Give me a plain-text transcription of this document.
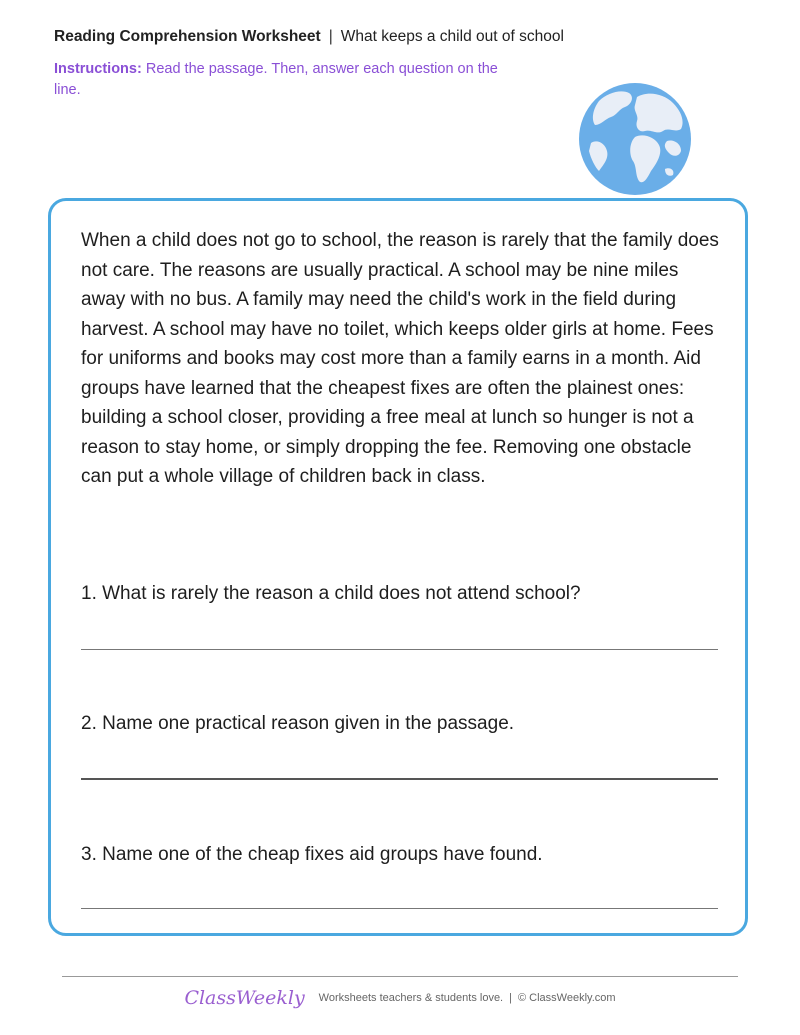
Reading Comprehension Worksheet | What keeps a child out of school
Instructions: Read the passage. Then, answer each question on the line.

When a child does not go to school, the reason is rarely that the family does not care. The reasons are usually practical. A school may be nine miles away with no bus. A family may need the child's work in the field during harvest. A school may have no toilet, which keeps older girls at home. Fees for uniforms and books may cost more than a family earns in a month. Aid groups have learned that the cheapest fixes are often the plainest ones: building a school closer, providing a free meal at lunch so hunger is not a reason to stay home, or simply dropping the fee. Removing one obstacle can put a whole village of children back in class.

1. What is rarely the reason a child does not attend school?
2. Name one practical reason given in the passage.
3. Name one of the cheap fixes aid groups have found.
ClassWeekly Worksheets teachers & students love. | © ClassWeekly.com
